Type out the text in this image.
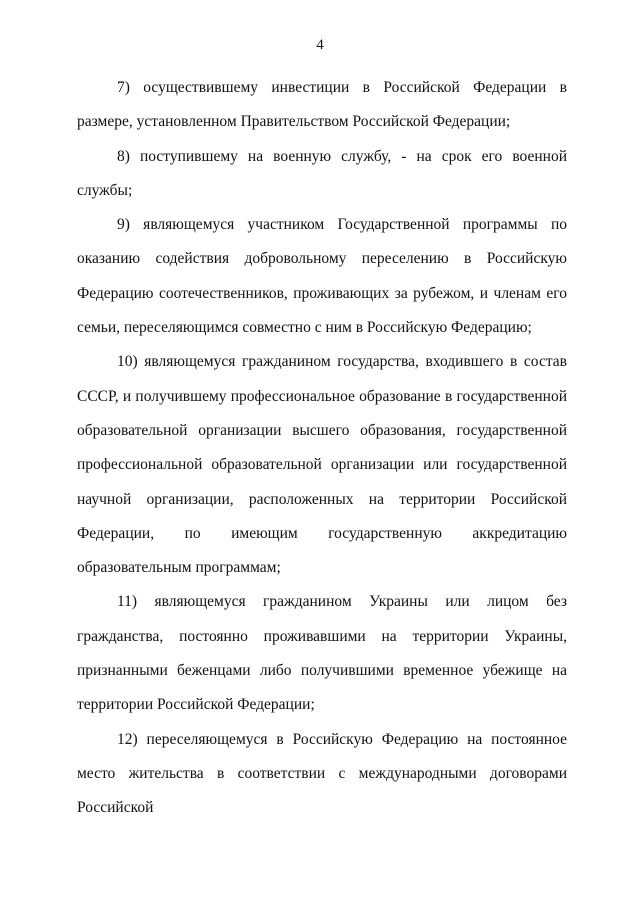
4

7) осуществившему инвестиции в Российской Федерации в размере, установленном Правительством Российской Федерации;

8) поступившему на военную службу, - на срок его военной службы;

9) являющемуся участником Государственной программы по оказанию содействия добровольному переселению в Российскую Федерацию соотечественников, проживающих за рубежом, и членам его семьи, переселяющимся совместно с ним в Российскую Федерацию;

10) являющемуся гражданином государства, входившего в состав СССР, и получившему профессиональное образование в государственной образовательной организации высшего образования, государственной профессиональной образовательной организации или государственной научной организации, расположенных на территории Российской Федерации, по имеющим государственную аккредитацию образовательным программам;

11) являющемуся гражданином Украины или лицом без гражданства, постоянно проживавшими на территории Украины, признанными беженцами либо получившими временное убежище на территории Российской Федерации;

12) переселяющемуся в Российскую Федерацию на постоянное место жительства в соответствии с международными договорами Российской
